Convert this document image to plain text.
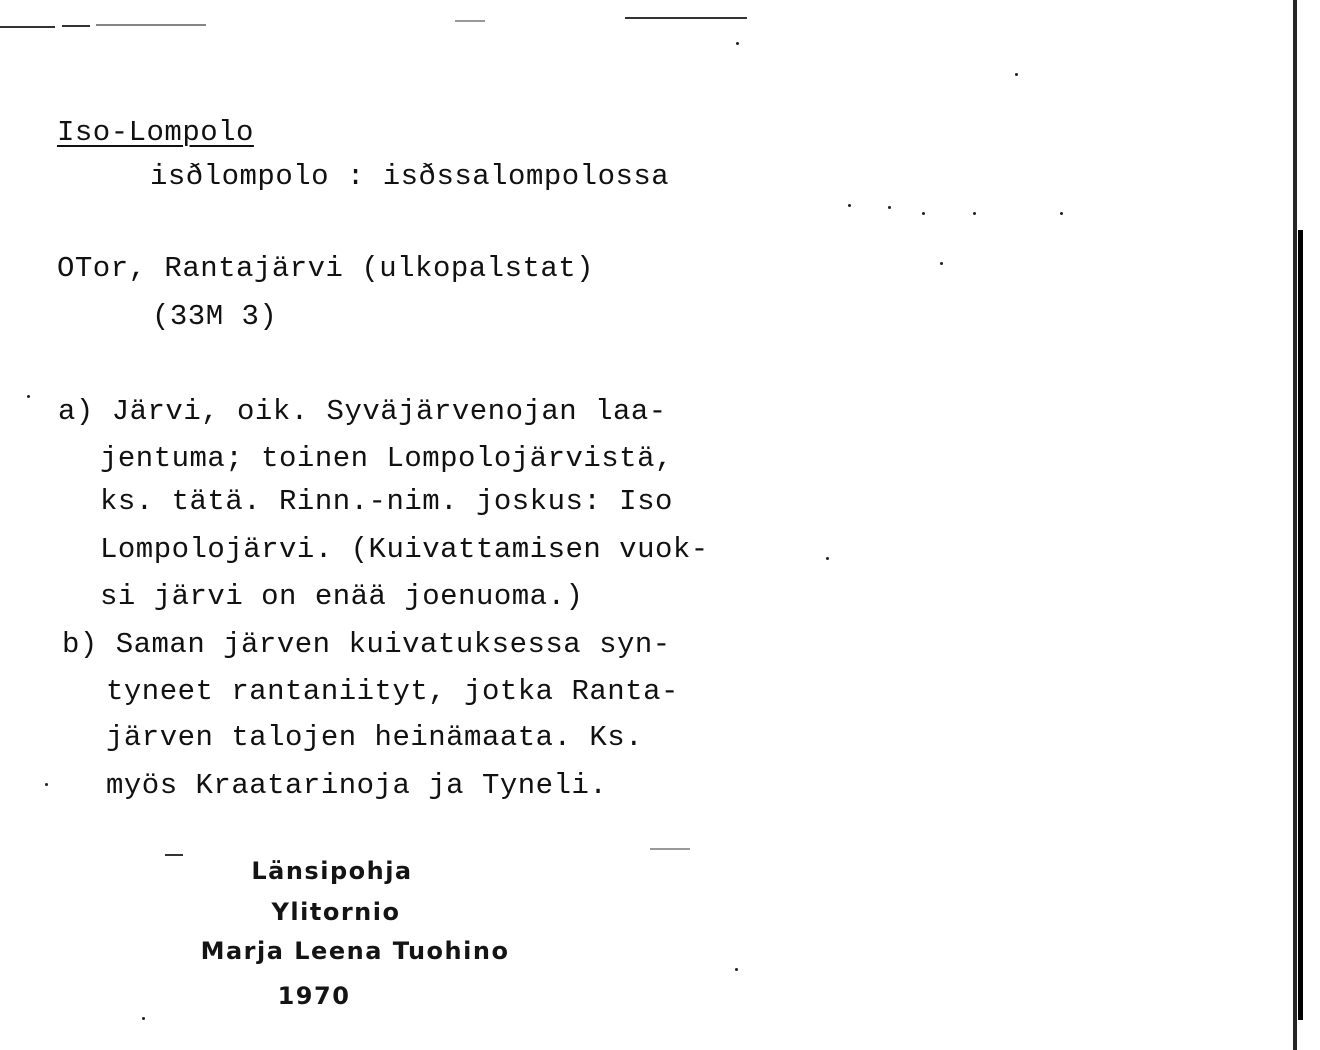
Iso-Lompolo
isðlompolo : isðssalompolossa
OTor, Rantajärvi (ulkopalstat)
(33M 3)
a) Järvi, oik. Syväjärvenojan laa-
jentuma; toinen Lompolojärvistä,
ks. tätä. Rinn.-nim. joskus: Iso
Lompolojärvi. (Kuivattamisen vuok-
si järvi on enää joenuoma.)
b) Saman järven kuivatuksessa syn-
tyneet rantaniityt, jotka Ranta-
järven talojen heinämaata. Ks.
myös Kraatarinoja ja Tyneli.
Länsipohja
Ylitornio
Marja Leena Tuohino
1970
